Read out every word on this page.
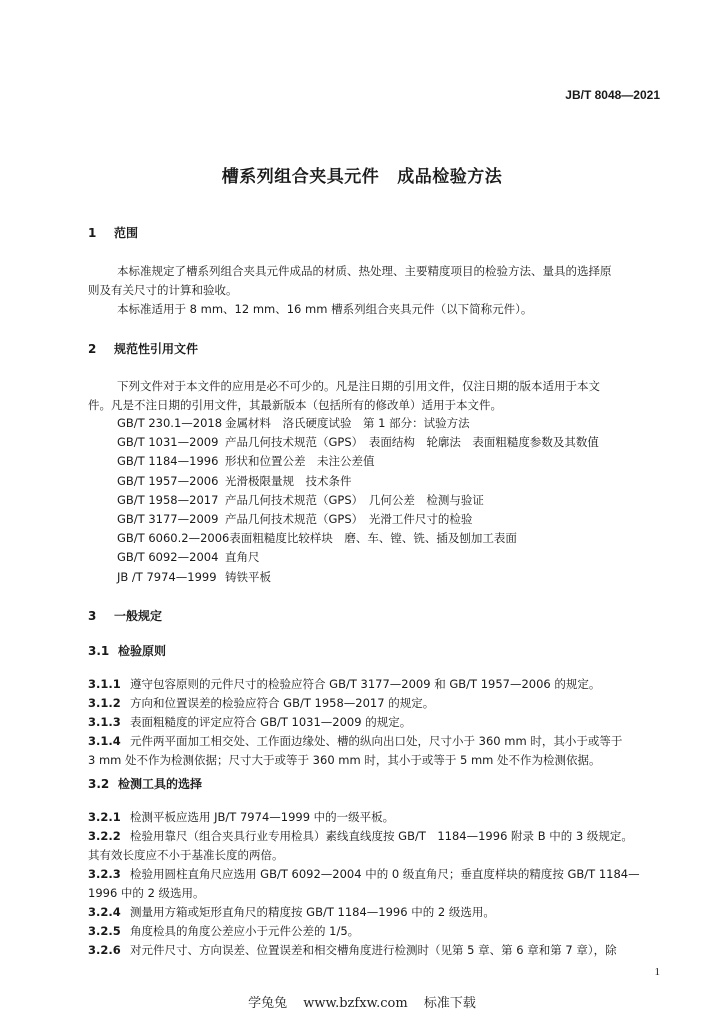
JB/T 8048—2021
槽系列组合夹具元件 成品检验方法
1 范围
本标准规定了槽系列组合夹具元件成品的材质、热处理、主要精度项目的检验方法、量具的选择原
则及有关尺寸的计算和验收。
本标准适用于 8 mm、12 mm、16 mm 槽系列组合夹具元件（以下简称元件）。
2 规范性引用文件
下列文件对于本文件的应用是必不可少的。凡是注日期的引用文件，仅注日期的版本适用于本文
件。凡是不注日期的引用文件，其最新版本（包括所有的修改单）适用于本文件。
GB/T 230.1—2018 金属材料　洛氏硬度试验　第 1 部分：试验方法
GB/T 1031—2009 产品几何技术规范（GPS）　表面结构　轮廓法　表面粗糙度参数及其数值
GB/T 1184—1996 形状和位置公差　未注公差值
GB/T 1957—2006 光滑极限量规　技术条件
GB/T 1958—2017 产品几何技术规范（GPS）　几何公差　检测与验证
GB/T 3177—2009 产品几何技术规范（GPS）　光滑工件尺寸的检验
GB/T 6060.2—2006表面粗糙度比较样块　磨、车、镗、铣、插及刨加工表面
GB/T 6092—2004 直角尺
JB /T 7974—1999 铸铁平板
3 一般规定
3.1 检验原则
3.1.1 遵守包容原则的元件尺寸的检验应符合 GB/T 3177—2009 和 GB/T 1957—2006 的规定。
3.1.2 方向和位置误差的检验应符合 GB/T 1958—2017 的规定。
3.1.3 表面粗糙度的评定应符合 GB/T 1031—2009 的规定。
3.1.4 元件两平面加工相交处、工作面边缘处、槽的纵向出口处，尺寸小于 360 mm 时，其小于或等于
3 mm 处不作为检测依据；尺寸大于或等于 360 mm 时，其小于或等于 5 mm 处不作为检测依据。
3.2 检测工具的选择
3.2.1 检测平板应选用 JB/T 7974—1999 中的一级平板。
3.2.2 检验用靠尺（组合夹具行业专用检具）素线直线度按 GB/T　1184—1996 附录 B 中的 3 级规定。
其有效长度应不小于基准长度的两倍。
3.2.3 检验用圆柱直角尺应选用 GB/T 6092—2004 中的 0 级直角尺；垂直度样块的精度按 GB/T 1184—
1996 中的 2 级选用。
3.2.4 测量用方箱或矩形直角尺的精度按 GB/T 1184—1996 中的 2 级选用。
3.2.5 角度检具的角度公差应小于元件公差的 1/5。
3.2.6 对元件尺寸、方向误差、位置误差和相交槽角度进行检测时（见第 5 章、第 6 章和第 7 章），除
1
学兔兔 www.bzfxw.com 标准下载
